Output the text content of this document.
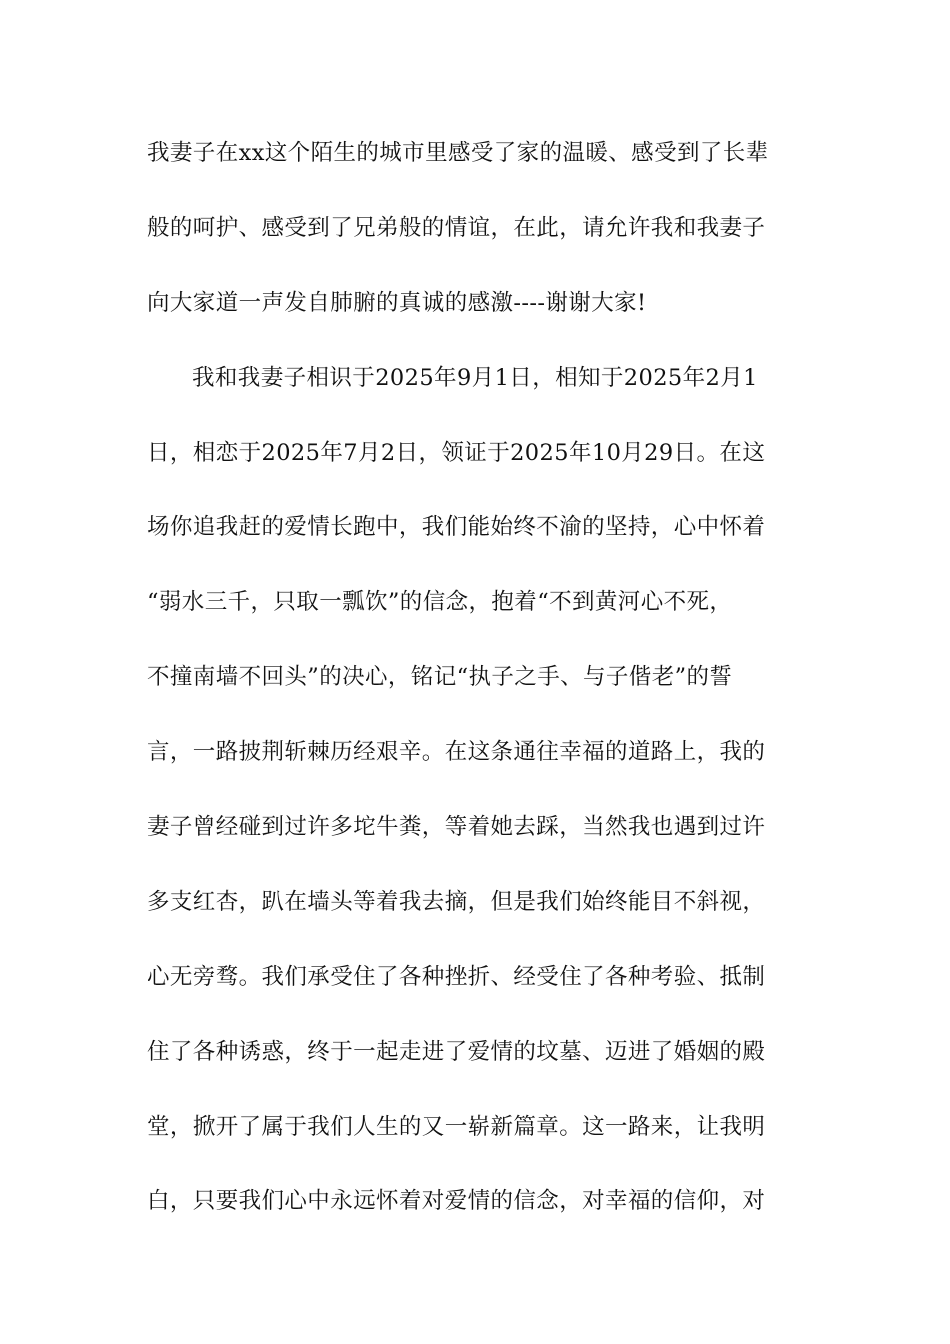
我妻子在xx这个陌生的城市里感受了家的温暖、感受到了长辈
般的呵护、感受到了兄弟般的情谊，在此，请允许我和我妻子
向大家道一声发自肺腑的真诚的感激----谢谢大家!
我和我妻子相识于2025年9月1日，相知于2025年2月1
日，相恋于2025年7月2日，领证于2025年10月29日。在这
场你追我赶的爱情长跑中，我们能始终不渝的坚持，心中怀着
“弱水三千，只取一瓢饮”的信念，抱着“不到黄河心不死，
不撞南墙不回头”的决心，铭记“执子之手、与子偕老”的誓
言，一路披荆斩棘历经艰辛。在这条通往幸福的道路上，我的
妻子曾经碰到过许多坨牛粪，等着她去踩，当然我也遇到过许
多支红杏，趴在墙头等着我去摘，但是我们始终能目不斜视，
心无旁骛。我们承受住了各种挫折、经受住了各种考验、抵制
住了各种诱惑，终于一起走进了爱情的坟墓、迈进了婚姻的殿
堂，掀开了属于我们人生的又一崭新篇章。这一路来，让我明
白，只要我们心中永远怀着对爱情的信念，对幸福的信仰，对
